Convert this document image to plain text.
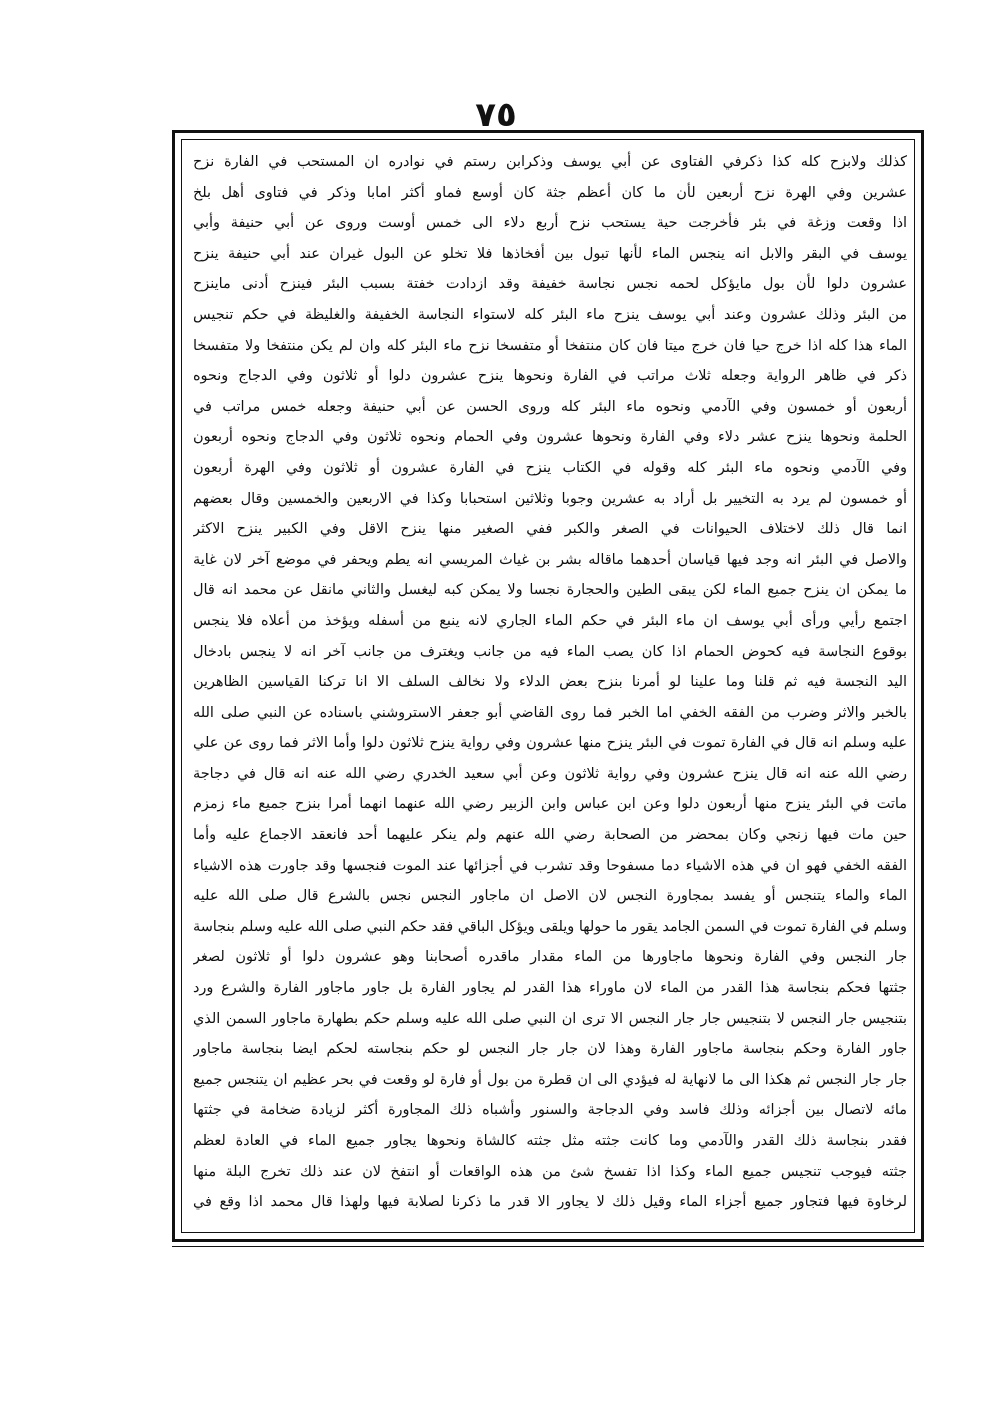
٧٥
كذلك ولابزح كله كذا ذكرفي الفتاوى عن أبي يوسف وذكرابن رستم في نوادره ان المستحب في الفارة نزح
عشرين وفي الهرة نزح أربعين لأن ما كان أعظم جثة كان أوسع فماو أكثر امابا وذكر في فتاوى أهل بلخ
اذا وقعت وزغة في بئر فأخرجت حية يستحب نزح أربع دلاء الى خمس أوست وروى عن أبي حنيفة وأبي
يوسف في البقر والابل انه ينجس الماء لأنها تبول بين أفخاذها فلا تخلو عن البول غيران عند أبي حنيفة ينزح
عشرون دلوا لأن بول مايؤكل لحمه نجس نجاسة خفيفة وقد ازدادت خفتة بسبب البئر فينزح أدنى ماينزح
من البئر وذلك عشرون وعند أبي يوسف ينزح ماء البئر كله لاستواء النجاسة الخفيفة والغليظة في حكم تنجيس
الماء هذا كله اذا خرج حيا فان خرج ميتا فان كان منتفخا أو متفسخا نزح ماء البئر كله وان لم يكن منتفخا ولا متفسخا
ذكر في ظاهر الرواية وجعله ثلاث مراتب في الفارة ونحوها ينزح عشرون دلوا أو ثلاثون وفي الدجاج ونحوه
أربعون أو خمسون وفي الآدمي ونحوه ماء البئر كله وروى الحسن عن أبي حنيفة وجعله خمس مراتب في
الحلمة ونحوها ينزح عشر دلاء وفي الفارة ونحوها عشرون وفي الحمام ونحوه ثلاثون وفي الدجاج ونحوه أربعون
وفي الآدمي ونحوه ماء البئر كله وقوله في الكتاب ينزح في الفارة عشرون أو ثلاثون وفي الهرة أربعون
أو خمسون لم يرد به التخيير بل أراد به عشرين وجوبا وثلاثين استحبابا وكذا في الاربعين والخمسين وقال بعضهم
انما قال ذلك لاختلاف الحيوانات في الصغر والكبر ففي الصغير منها ينزح الاقل وفي الكبير ينزح الاكثر
والاصل في البئر انه وجد فيها قياسان أحدهما ماقاله بشر بن غياث المريسي انه يطم ويحفر في موضع آخر لان غاية
ما يمكن ان ينزح جميع الماء لكن يبقى الطين والحجارة نجسا ولا يمكن كبه ليغسل والثاني مانقل عن محمد انه قال
اجتمع رأيي ورأى أبي يوسف ان ماء البئر في حكم الماء الجاري لانه ينبع من أسفله ويؤخذ من أعلاه فلا ينجس
بوقوع النجاسة فيه كحوض الحمام اذا كان يصب الماء فيه من جانب ويغترف من جانب آخر انه لا ينجس بادخال
اليد النجسة فيه ثم قلنا وما علينا لو أمرنا بنزح بعض الدلاء ولا نخالف السلف الا انا تركنا القياسين الظاهرين
بالخبر والاثر وضرب من الفقه الخفي اما الخبر فما روى القاضي أبو جعفر الاستروشني باسناده عن النبي صلى الله
عليه وسلم انه قال في الفارة تموت في البئر ينزح منها عشرون وفي رواية ينزح ثلاثون دلوا وأما الاثر فما روى عن علي
رضي الله عنه انه قال ينزح عشرون وفي رواية ثلاثون وعن أبي سعيد الخدري رضي الله عنه انه قال في دجاجة
ماتت في البئر ينزح منها أربعون دلوا وعن ابن عباس وابن الزبير رضي الله عنهما انهما أمرا بنزح جميع ماء زمزم
حين مات فيها زنجي وكان بمحضر من الصحابة رضي الله عنهم ولم ينكر عليهما أحد فانعقد الاجماع عليه وأما
الفقه الخفي فهو ان في هذه الاشياء دما مسفوحا وقد تشرب في أجزائها عند الموت فنجسها وقد جاورت هذه الاشياء
الماء والماء يتنجس أو يفسد بمجاورة النجس لان الاصل ان ماجاور النجس نجس بالشرع قال صلى الله عليه
وسلم في الفارة تموت في السمن الجامد يقور ما حولها ويلقى ويؤكل الباقي فقد حكم النبي صلى الله عليه وسلم بنجاسة
جار النجس وفي الفارة ونحوها ماجاورها من الماء مقدار ماقدره أصحابنا وهو عشرون دلوا أو ثلاثون لصغر
جثتها فحكم بنجاسة هذا القدر من الماء لان ماوراء هذا القدر لم يجاور الفارة بل جاور ماجاور الفارة والشرع ورد
بتنجيس جار النجس لا بتنجيس جار جار النجس الا ترى ان النبي صلى الله عليه وسلم حكم بطهارة ماجاور السمن الذي
جاور الفارة وحكم بنجاسة ماجاور الفارة وهذا لان جار جار النجس لو حكم بنجاسته لحكم ايضا بنجاسة ماجاور
جار جار النجس ثم هكذا الى ما لانهاية له فيؤدي الى ان قطرة من بول أو فارة لو وقعت في بحر عظيم ان يتنجس جميع
مائه لاتصال بين أجزائه وذلك فاسد وفي الدجاجة والسنور وأشباه ذلك المجاورة أكثر لزيادة ضخامة في جثتها
فقدر بنجاسة ذلك القدر والآدمي وما كانت جثته مثل جثته كالشاة ونحوها يجاور جميع الماء في العادة لعظم
جثته فيوجب تنجيس جميع الماء وكذا اذا تفسخ شئ من هذه الواقعات أو انتفخ لان عند ذلك تخرج البلة منها
لرخاوة فيها فتجاور جميع أجزاء الماء وقيل ذلك لا يجاور الا قدر ما ذكرنا لصلابة فيها ولهذا قال محمد اذا وقع في
